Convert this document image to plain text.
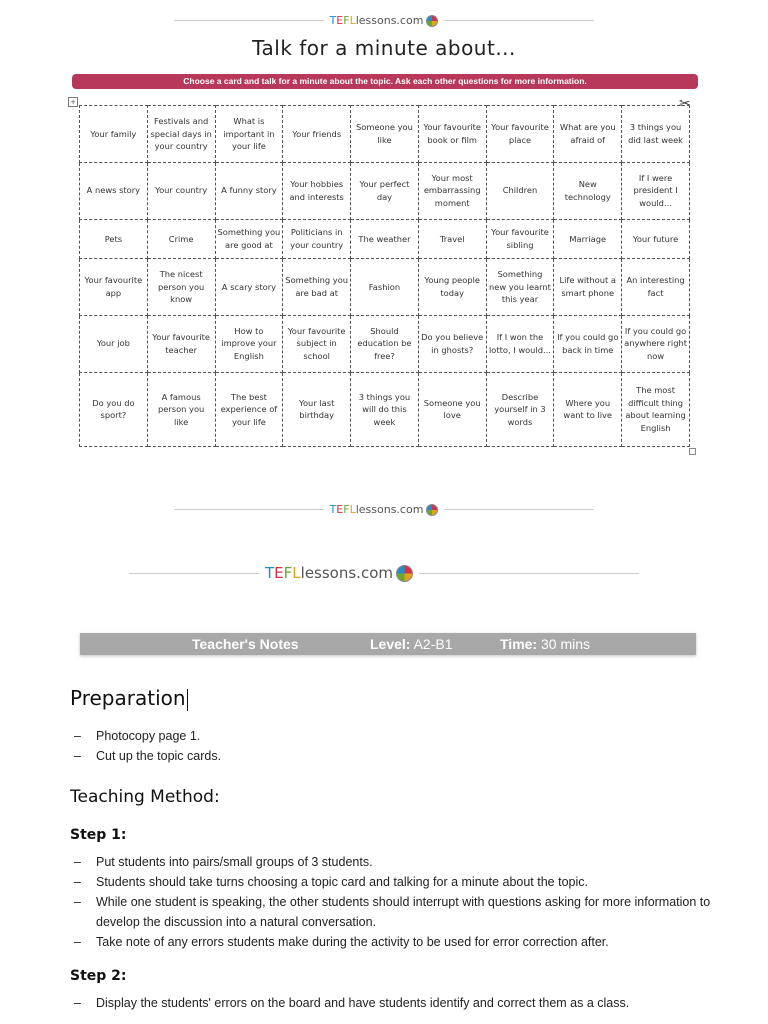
T E F L lessons.com
Talk for a minute about...
Choose a card and talk for a minute about the topic. Ask each other questions for more information.
+	✂
Your family	Festivals and special days in your country	What is important in your life	Your friends	Someone you like	Your favourite book or film	Your favourite place	What are you afraid of	3 things you did last week
A news story	Your country	A funny story	Your hobbies and interests	Your perfect day	Your most embarrassing moment	Children	New technology	If I were president I would...
Pets	Crime	Something you are good at	Politicians in your country	The weather	Travel	Your favourite sibling	Marriage	Your future
Your favourite app	The nicest person you know	A scary story	Something you are bad at	Fashion	Young people today	Something new you learnt this year	Life without a smart phone	An interesting fact
Your job	Your favourite teacher	How to improve your English	Your favourite subject in school	Should education be free?	Do you believe in ghosts?	If I won the lotto, I would...	If you could go back in time	If you could go anywhere right now
Do you do sport?	A famous person you like	The best experience of your life	Your last birthday	3 things you will do this week	Someone you love	Describe yourself in 3 words	Where you want to live	The most difficult thing about learning English
T E F L lessons.com
T E F L lessons.com
Teacher's Notes	Level: A2-B1	Time: 30 mins
Preparation
– Photocopy page 1.
– Cut up the topic cards.
Teaching Method:
Step 1:
– Put students into pairs/small groups of 3 students.
– Students should take turns choosing a topic card and talking for a minute about the topic.
– While one student is speaking, the other students should interrupt with questions asking for more information to develop the discussion into a natural conversation.
– Take note of any errors students make during the activity to be used for error correction after.
Step 2:
– Display the students' errors on the board and have students identify and correct them as a class.
